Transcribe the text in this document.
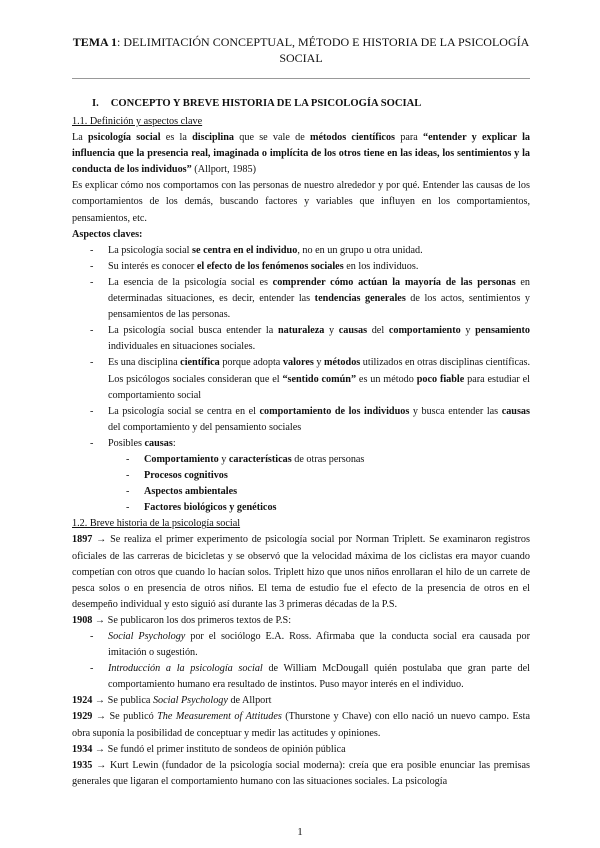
TEMA 1: DELIMITACIÓN CONCEPTUAL, MÉTODO E HISTORIA DE LA PSICOLOGÍA SOCIAL
I. CONCEPTO Y BREVE HISTORIA DE LA PSICOLOGÍA SOCIAL
1.1. Definición y aspectos clave

La psicología social es la disciplina que se vale de métodos científicos para “entender y explicar la influencia que la presencia real, imaginada o implícita de los otros tiene en las ideas, los sentimientos y la conducta de los individuos” (Allport, 1985)

Es explicar cómo nos comportamos con las personas de nuestro alrededor y por qué. Entender las causas de los comportamientos de los demás, buscando factores y variables que influyen en los comportamientos, pensamientos, etc.

Aspectos claves:
- La psicología social se centra en el individuo, no en un grupo u otra unidad.
- Su interés es conocer el efecto de los fenómenos sociales en los individuos.
- La esencia de la psicología social es comprender cómo actúan la mayoría de las personas en determinadas situaciones, es decir, entender las tendencias generales de los actos, sentimientos y pensamientos de las personas.
- La psicología social busca entender la naturaleza y causas del comportamiento y pensamiento individuales en situaciones sociales.
- Es una disciplina científica porque adopta valores y métodos utilizados en otras disciplinas científicas. Los psicólogos sociales consideran que el “sentido común” es un método poco fiable para estudiar el comportamiento social
- La psicología social se centra en el comportamiento de los individuos y busca entender las causas del comportamiento y del pensamiento sociales
- Posibles causas:
- Comportamiento y características de otras personas
- Procesos cognitivos
- Aspectos ambientales
- Factores biológicos y genéticos
1.2. Breve historia de la psicología social

1897 → Se realiza el primer experimento de psicología social por Norman Triplett. Se examinaron registros oficiales de las carreras de bicicletas y se observó que la velocidad máxima de los ciclistas era mayor cuando competían con otros que cuando lo hacían solos. Triplett hizo que unos niños enrollaran el hilo de un carrete de pesca solos o en presencia de otros niños. El tema de estudio fue el efecto de la presencia de otros en el desempeño individual y esto siguió así durante las 3 primeras décadas de la P.S.

1908 → Se publicaron los dos primeros textos de P.S:

- Social Psychology por el sociólogo E.A. Ross. Afirmaba que la conducta social era causada por imitación o sugestión.
- Introducción a la psicología social de William McDougall quién postulaba que gran parte del comportamiento humano era resultado de instintos. Puso mayor interés en el individuo.

1924 → Se publica Social Psychology de Allport

1929 → Se publicó The Measurement of Attitudes (Thurstone y Chave) con ello nació un nuevo campo. Esta obra suponía la posibilidad de conceptuar y medir las actitudes y opiniones.

1934 → Se fundó el primer instituto de sondeos de opinión pública

1935 → Kurt Lewin (fundador de la psicología social moderna): creía que era posible enunciar las premisas generales que ligaran el comportamiento humano con las situaciones sociales. La psicología

1
